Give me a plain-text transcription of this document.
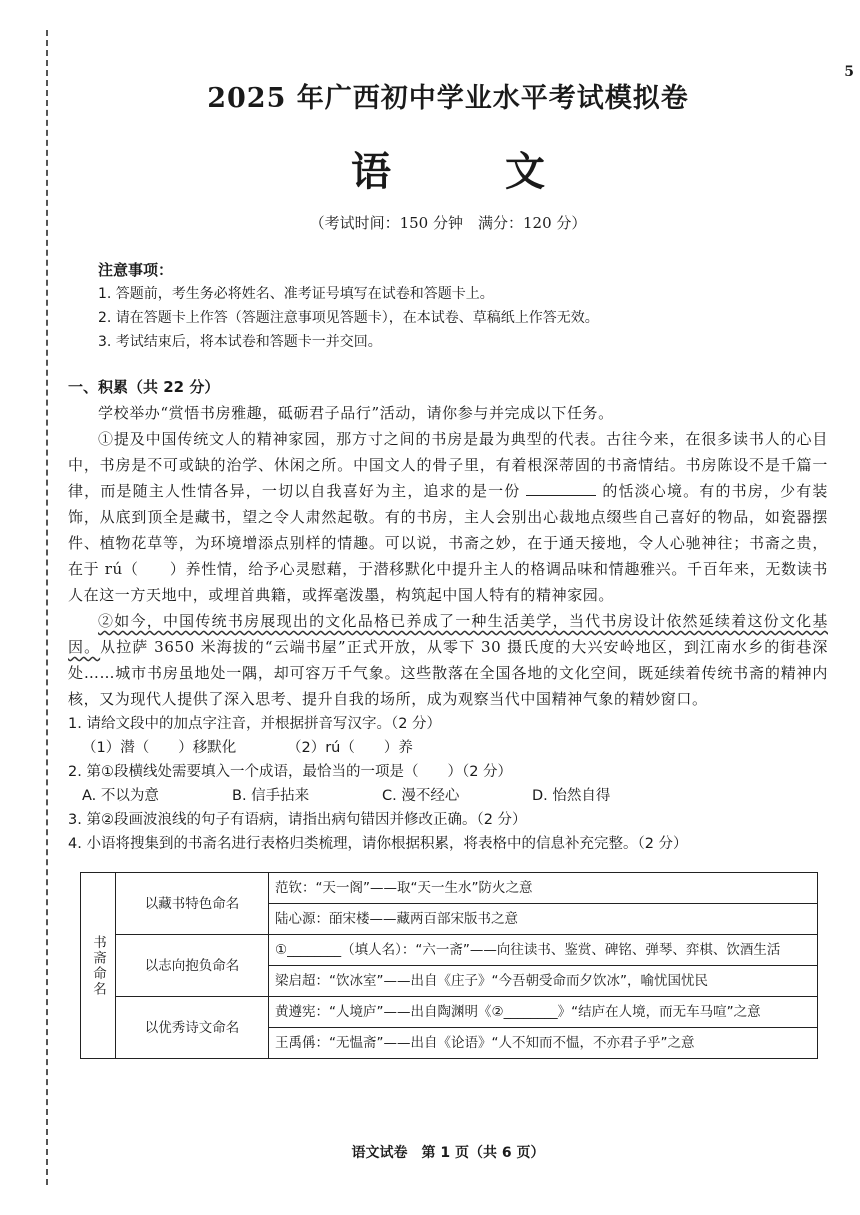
5
2025 年广西初中学业水平考试模拟卷
语 文
（考试时间：150 分钟　满分：120 分）
注意事项：
1. 答题前，考生务必将姓名、准考证号填写在试卷和答题卡上。
2. 请在答题卡上作答（答题注意事项见答题卡），在本试卷、草稿纸上作答无效。
3. 考试结束后，将本试卷和答题卡一并交回。
一、积累（共 22 分）

学校举办“赏悟书房雅趣，砥砺君子品行”活动，请你参与并完成以下任务。

①提及中国传统文人的精神家园，那方寸之间的书房是最为典型的代表。古往今来，在很多读书人的心目中，书房是不可或缺的治学、休闲之所。中国文人的骨子里，有着根深蒂固的书斋情结。书房陈设不是千篇一律，而是随主人性情各异，一切以自我喜好为主，追求的是一份	的恬淡心境。有的书房，少有装饰，从底到顶全是藏书，望之令人肃然起敬。有的书房，主人会别出心裁地点缀些自己喜好的物品，如瓷器摆件、植物花草等，为环境增添点别样的情趣。可以说，书斋之妙，在于通天接地，令人心驰神往；书斋之贵，在于 rú（　　）养性情，给予心灵慰藉，于潜移默化中提升主人的格调品味和情趣雅兴。千百年来，无数读书人在这一方天地中，或埋首典籍，或挥毫泼墨，构筑起中国人特有的精神家园。

②如今，中国传统书房展现出的文化品格已养成了一种生活美学，当代书房设计依然延续着这份文化基因。从拉萨 3650 米海拔的“云端书屋”正式开放，从零下 30 摄氏度的大兴安岭地区，到江南水乡的街巷深处……城市书房虽地处一隅，却可容万千气象。这些散落在全国各地的文化空间，既延续着传统书斋的精神内核，又为现代人提供了深入思考、提升自我的场所，成为观察当代中国精神气象的精妙窗口。

1. 请给文段中的加点字注音，并根据拼音写汉字。（2 分）

（1）潜（　　）移默化　　　　（2）rú（　　）养

2. 第①段横线处需要填入一个成语，最恰当的一项是（　　）（2 分）

A. 不以为意	B. 信手拈来	C. 漫不经心	D. 怡然自得

3. 第②段画波浪线的句子有语病，请指出病句错因并修改正确。（2 分）

4. 小语将搜集到的书斋名进行表格归类梳理，请你根据积累，将表格中的信息补充完整。（2 分）

书斋命名	以藏书特色命名	范钦：“天一阁”——取“天一生水”防火之意
		陆心源：皕宋楼——藏两百部宋版书之意
	以志向抱负命名	①________（填人名）：“六一斋”——向往读书、鉴赏、碑铭、弹琴、弈棋、饮酒生活
		梁启超：“饮冰室”——出自《庄子》“今吾朝受命而夕饮冰”，喻忧国忧民
	以优秀诗文命名	黄遵宪：“人境庐”——出自陶渊明《②________》“结庐在人境，而无车马喧”之意
		王禹偁：“无愠斋”——出自《论语》“人不知而不愠，不亦君子乎”之意
语文试卷　第 1 页（共 6 页）
